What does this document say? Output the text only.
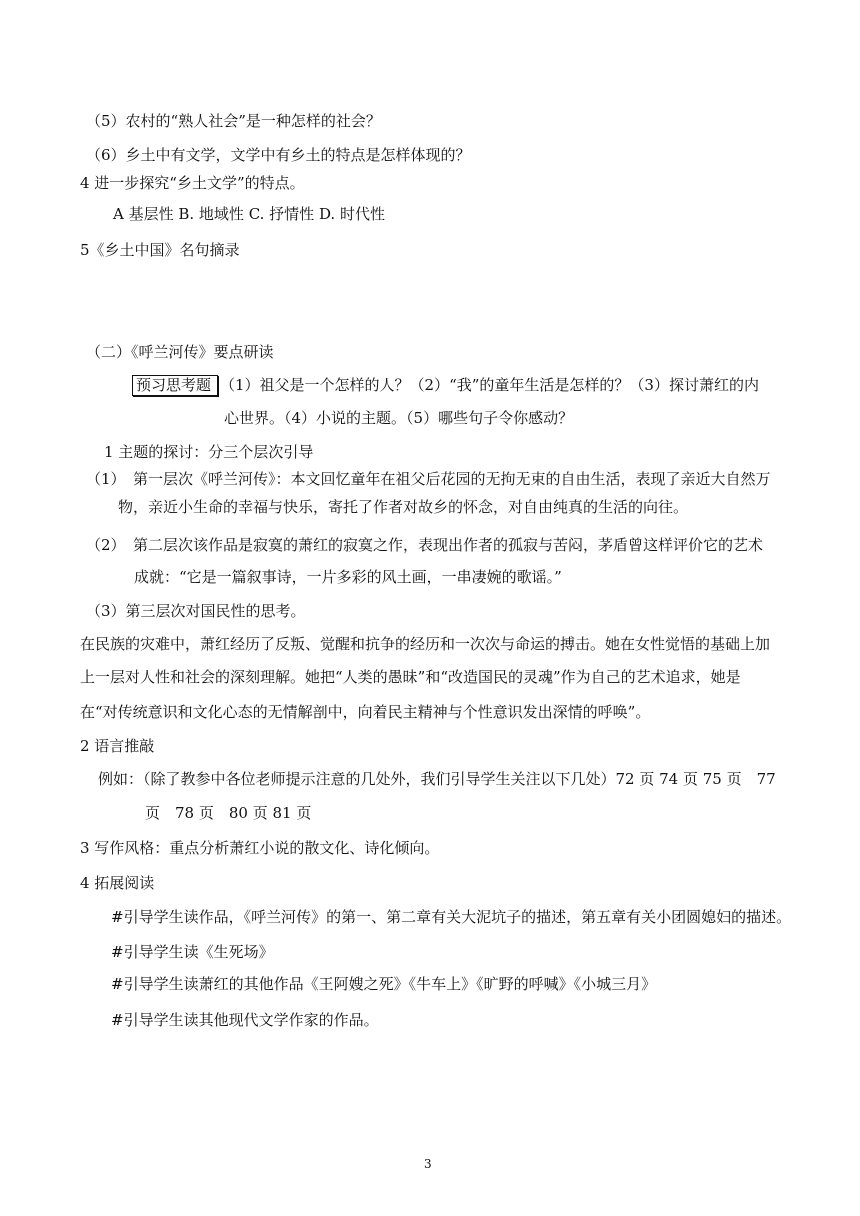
（5）农村的“熟人社会”是一种怎样的社会？
（6）乡土中有文学，文学中有乡土的特点是怎样体现的？
4 进一步探究“乡土文学”的特点。
A 基层性 B. 地域性 C. 抒情性 D. 时代性
5《乡土中国》名句摘录
（二）《呼兰河传》要点研读
预习思考题 （1）祖父是一个怎样的人？（2）“我”的童年生活是怎样的？（3）探讨萧红的内
心世界。（4）小说的主题。（5）哪些句子令你感动？
1 主题的探讨：分三个层次引导
（1）　第一层次《呼兰河传》：本文回忆童年在祖父后花园的无拘无束的自由生活，表现了亲近大自然万
物，亲近小生命的幸福与快乐，寄托了作者对故乡的怀念，对自由纯真的生活的向往。
（2）　第二层次该作品是寂寞的萧红的寂寞之作，表现出作者的孤寂与苦闷，茅盾曾这样评价它的艺术
成就：“它是一篇叙事诗，一片多彩的风土画，一串凄婉的歌谣。”
（3）第三层次对国民性的思考。
在民族的灾难中，萧红经历了反叛、觉醒和抗争的经历和一次次与命运的搏击。她在女性觉悟的基础上加
上一层对人性和社会的深刻理解。她把“人类的愚昧”和“改造国民的灵魂”作为自己的艺术追求，她是
在“对传统意识和文化心态的无情解剖中，向着民主精神与个性意识发出深情的呼唤”。
2 语言推敲
例如：（除了教参中各位老师提示注意的几处外，我们引导学生关注以下几处）72 页 74 页 75 页　77
页　78 页　80 页 81 页
3 写作风格：重点分析萧红小说的散文化、诗化倾向。
4 拓展阅读
#引导学生读作品，《呼兰河传》的第一、第二章有关大泥坑子的描述，第五章有关小团圆媳妇的描述。
#引导学生读《生死场》
#引导学生读萧红的其他作品《王阿嫂之死》《牛车上》《旷野的呼喊》《小城三月》
#引导学生读其他现代文学作家的作品。
3
